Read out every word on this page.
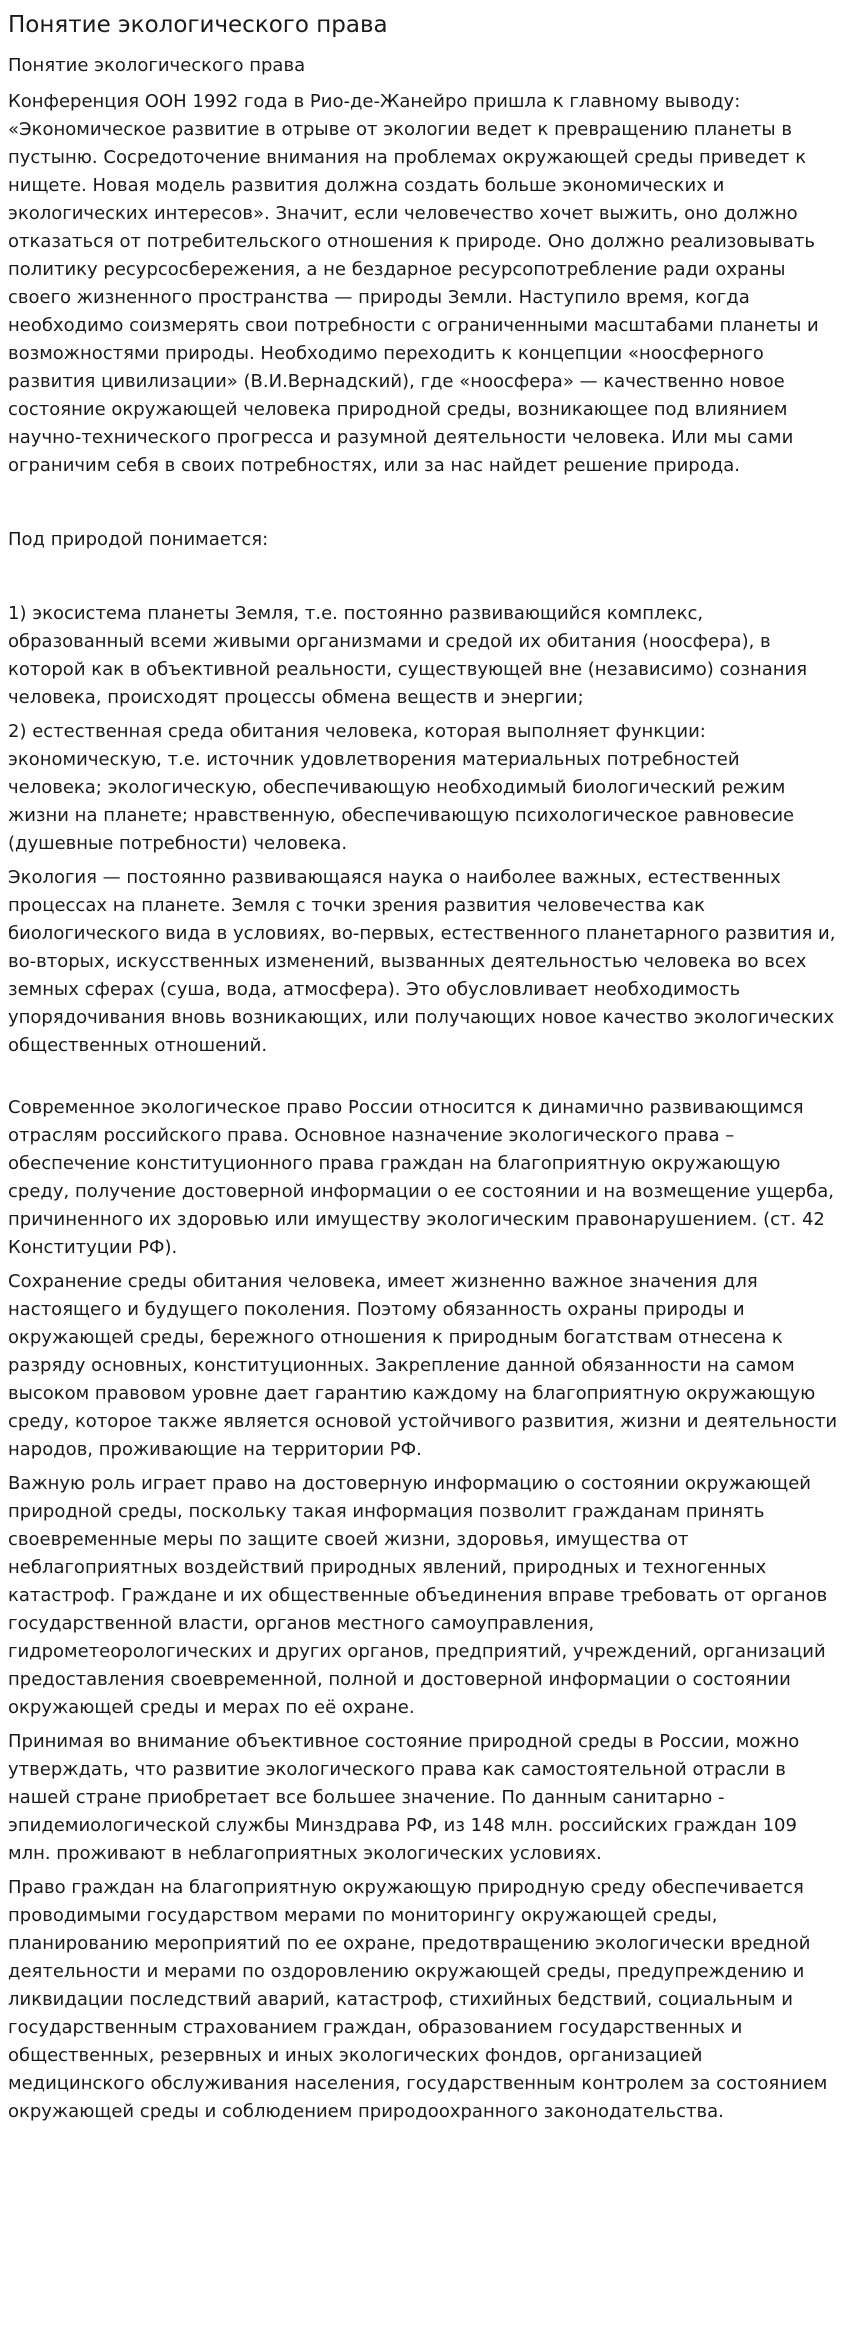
Понятие экологического права
Понятие экологического права

Конференция ООН 1992 года в Рио-де-Жанейро пришла к главному выводу: «Экономическое развитие в отрыве от экологии ведет к превращению планеты в пустыню. Сосредоточение внимания на проблемах окружающей среды приведет к нищете. Новая модель развития должна создать больше экономических и экологических интересов». Значит, если человечество хочет выжить, оно должно отказаться от потребительского отношения к природе. Оно должно реализовывать политику ресурсосбережения, а не бездарное ресурсопотребление ради охраны своего жизненного пространства — природы Земли. Наступило время, когда необходимо соизмерять свои потребности с ограниченными масштабами планеты и возможностями природы. Необходимо переходить к концепции «ноосферного развития цивилизации» (В.И.Вернадский), где «ноосфера» — качественно новое состояние окружающей человека природной среды, возникающее под влиянием научно-технического прогресса и разумной деятельности человека. Или мы сами ограничим себя в своих потребностях, или за нас найдет решение природа.

Под природой понимается:

1) экосистема планеты Земля, т.е. постоянно развивающийся комплекс, образованный всеми живыми организмами и средой их обитания (ноосфера), в которой как в объективной реальности, существующей вне (независимо) сознания человека, происходят процессы обмена веществ и энергии;

2) естественная среда обитания человека, которая выполняет функции: экономическую, т.е. источник удовлетворения материальных потребностей человека; экологическую, обеспечивающую необходимый биологический режим жизни на планете; нравственную, обеспечивающую психологическое равновесие (душевные потребности) человека.

Экология — постоянно развивающаяся наука о наиболее важных, естественных процессах на планете. Земля с точки зрения развития человечества как биологического вида в условиях, во-первых, естественного планетарного развития и, во-вторых, искусственных изменений, вызванных деятельностью человека во всех земных сферах (суша, вода, атмосфера). Это обусловливает необходимость упорядочивания вновь возникающих, или получающих новое качество экологических общественных отношений.

Современное экологическое право России относится к динамично развивающимся отраслям российского права. Основное назначение экологического права – обеспечение конституционного права граждан на благоприятную окружающую среду, получение достоверной информации о ее состоянии и на возмещение ущерба, причиненного их здоровью или имуществу экологическим правонарушением. (ст. 42 Конституции РФ).

Сохранение среды обитания человека, имеет жизненно важное значения для настоящего и будущего поколения. Поэтому обязанность охраны природы и окружающей среды, бережного отношения к природным богатствам отнесена к разряду основных, конституционных. Закрепление данной обязанности на самом высоком правовом уровне дает гарантию каждому на благоприятную окружающую среду, которое также является основой устойчивого развития, жизни и деятельности народов, проживающие на территории РФ.

Важную роль играет право на достоверную информацию о состоянии окружающей природной среды, поскольку такая информация позволит гражданам принять своевременные меры по защите своей жизни, здоровья, имущества от неблагоприятных воздействий природных явлений, природных и техногенных катастроф. Граждане и их общественные объединения вправе требовать от органов государственной власти, органов местного самоуправления, гидрометеорологических и других органов, предприятий, учреждений, организаций предоставления своевременной, полной и достоверной информации о состоянии окружающей среды и мерах по её охране.

Принимая во внимание объективное состояние природной среды в России, можно утверждать, что развитие экологического права как самостоятельной отрасли в нашей стране приобретает все большее значение. По данным санитарно - эпидемиологической службы Минздрава РФ, из 148 млн. российских граждан 109 млн. проживают в неблагоприятных экологических условиях.

Право граждан на благоприятную окружающую природную среду обеспечивается проводимыми государством мерами по мониторингу окружающей среды, планированию мероприятий по ее охране, предотвращению экологически вредной деятельности и мерами по оздоровлению окружающей среды, предупреждению и ликвидации последствий аварий, катастроф, стихийных бедствий, социальным и государственным страхованием граждан, образованием государственных и общественных, резервных и иных экологических фондов, организацией медицинского обслуживания населения, государственным контролем за состоянием окружающей среды и соблюдением природоохранного законодательства.
